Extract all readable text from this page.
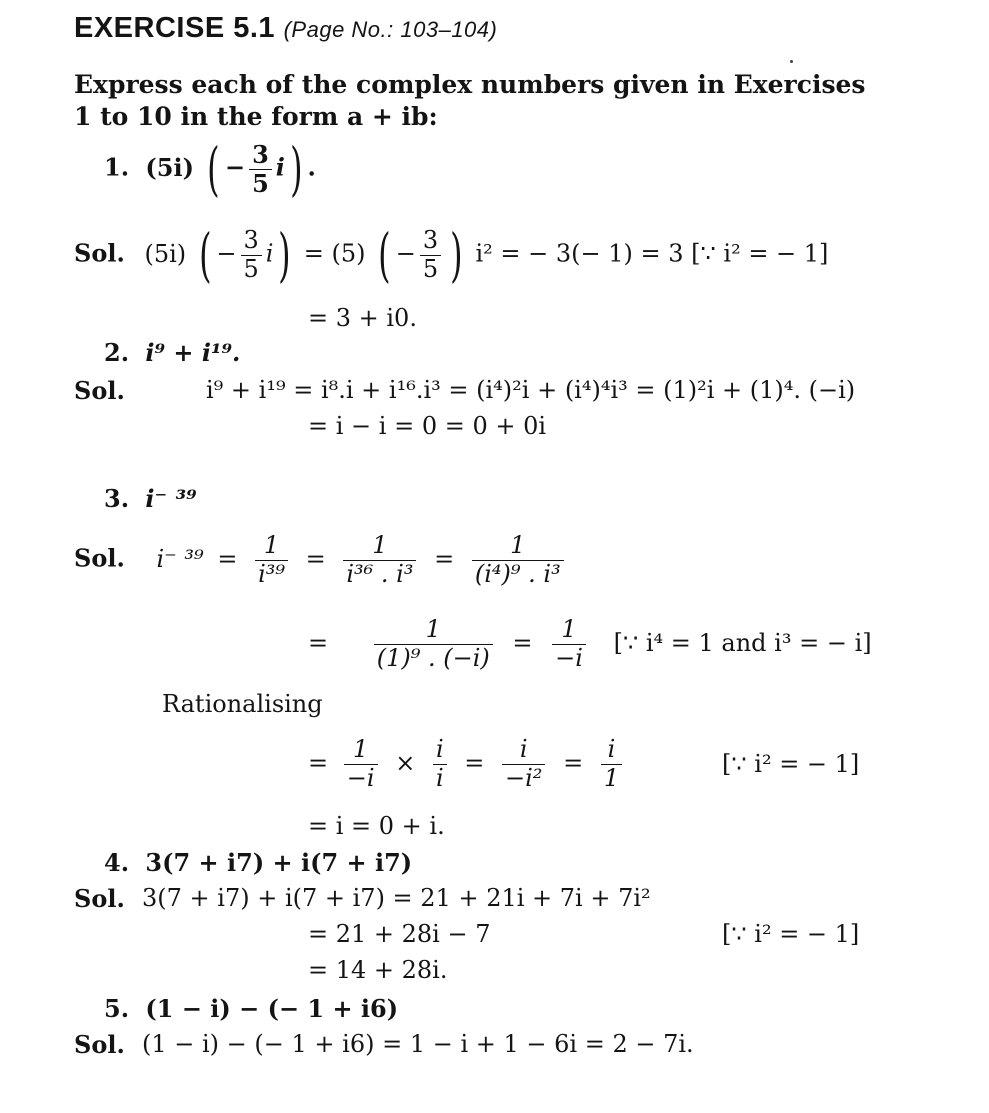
EXERCISE 5.1 (Page No.: 103–104)
Express each of the complex numbers given in Exercises
1 to 10 in the form a + ib:
1. (5i) ( − $\frac{3}{5} i$) .
Sol. (5i) ( − $\frac{3}{5} i) = (5)$ ( − $\frac{3}{5}$ ) i² = − 3(− 1) = 3 [∵ i² = − 1]
= 3 + i0.
2. i⁹ + i¹⁹.
Sol.	i⁹ + i¹⁹ = i⁸.i + i¹⁶.i³ = (i⁴)²i + (i⁴)⁴i³ = (1)²i + (1)⁴. (−i)
= i − i = 0 = 0 + 0i
3. i⁻ ³⁹
Sol. i⁻ $^{39} = \frac{1}{\text{i³⁹}} = \frac{1}{\text{i³⁶ . i³}} = \frac{1}{\text{(i⁴)⁹ . i³}}$
= $\frac{1}{\text{(1)⁹ . (−i)}} = \frac{1}{-i}$ [∵ i⁴ = 1 and i³ = − i]
Rationalising
= $\frac{1}{-i} \times \frac{i}{i} = \frac{i}{\text{−i²}} = \frac{i}{1}$	[∵ i² = − 1]
= i = 0 + i.
4. 3(7 + i7) + i(7 + i7)
Sol. 3(7 + i7) + i(7 + i7) = 21 + 21i + 7i + 7i²
= 21 + 28i − 7	[∵ i² = − 1]
= 14 + 28i.
5. (1 − i) − (− 1 + i6)
Sol. (1 − i) − (− 1 + i6) = 1 − i + 1 − 6i = 2 − 7i.
